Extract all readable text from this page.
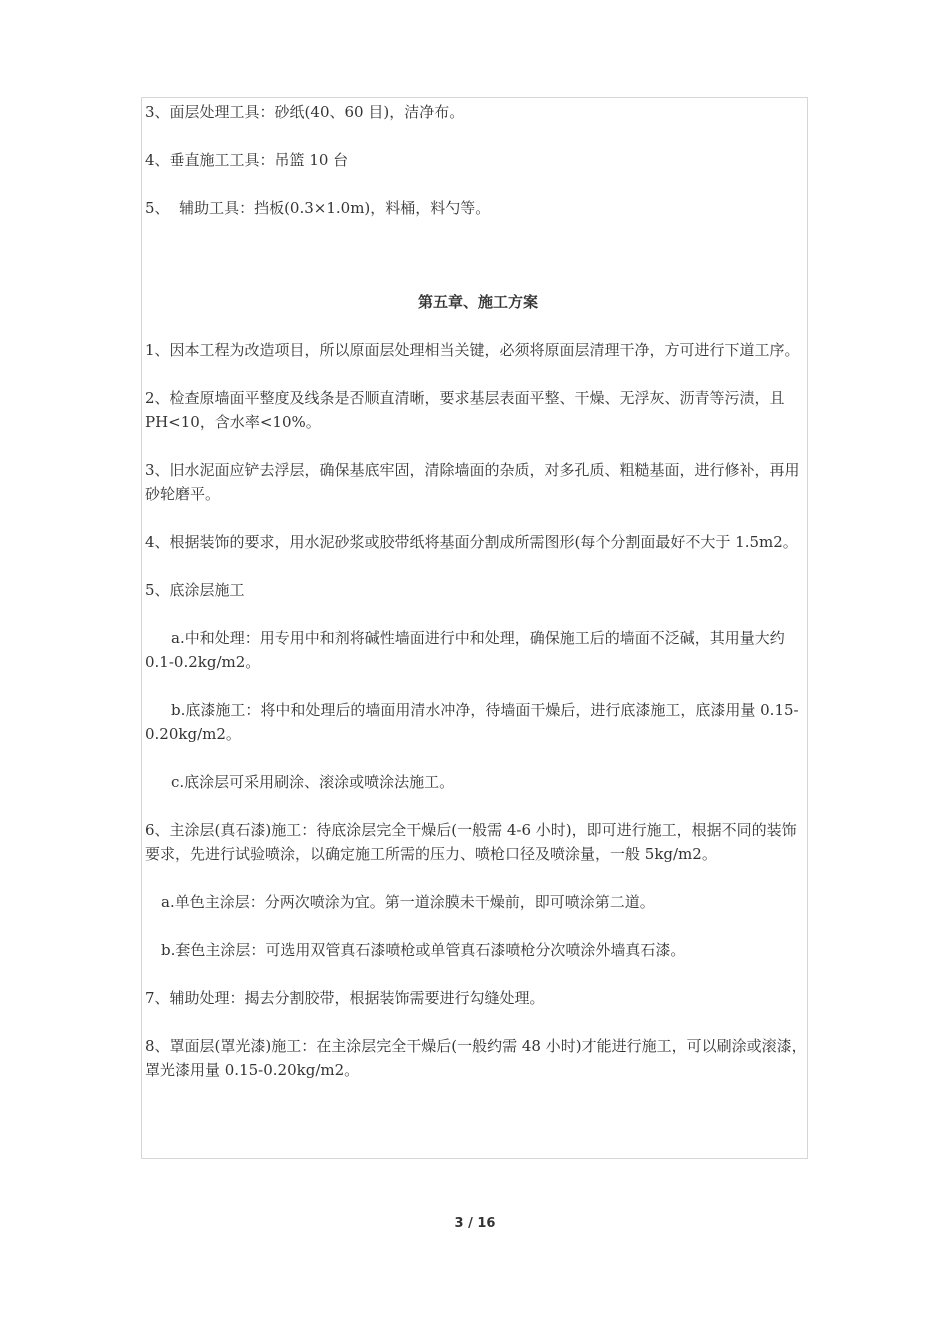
3、面层处理工具：砂纸(40、60 目)，洁净布。

4、垂直施工工具：吊篮 10 台

5、  辅助工具：挡板(0.3×1.0m)，料桶，料勺等。

第五章、施工方案

1、因本工程为改造项目，所以原面层处理相当关键，必须将原面层清理干净，方可进行下道工序。

2、检查原墙面平整度及线条是否顺直清晰，要求基层表面平整、干燥、无浮灰、沥青等污渍，且 PH<10，含水率<10%。

3、旧水泥面应铲去浮层，确保基底牢固，清除墙面的杂质，对多孔质、粗糙基面，进行修补，再用砂轮磨平。

4、根据装饰的要求，用水泥砂浆或胶带纸将基面分割成所需图形(每个分割面最好不大于 1.5m2。

5、底涂层施工

a.中和处理：用专用中和剂将碱性墙面进行中和处理，确保施工后的墙面不泛碱，其用量大约 0.1-0.2kg/m2。

b.底漆施工：将中和处理后的墙面用清水冲净，待墙面干燥后，进行底漆施工，底漆用量 0.15-0.20kg/m2。

c.底涂层可采用刷涂、滚涂或喷涂法施工。

6、主涂层(真石漆)施工：待底涂层完全干燥后(一般需 4-6 小时)，即可进行施工，根据不同的装饰要求，先进行试验喷涂，以确定施工所需的压力、喷枪口径及喷涂量，一般 5kg/m2。

a.单色主涂层：分两次喷涂为宜。第一道涂膜未干燥前，即可喷涂第二道。

b.套色主涂层：可选用双管真石漆喷枪或单管真石漆喷枪分次喷涂外墙真石漆。

7、辅助处理：揭去分割胶带，根据装饰需要进行勾缝处理。

8、罩面层(罩光漆)施工：在主涂层完全干燥后(一般约需 48 小时)才能进行施工，可以刷涂或滚漆，罩光漆用量 0.15-0.20kg/m2。

3 / 16
